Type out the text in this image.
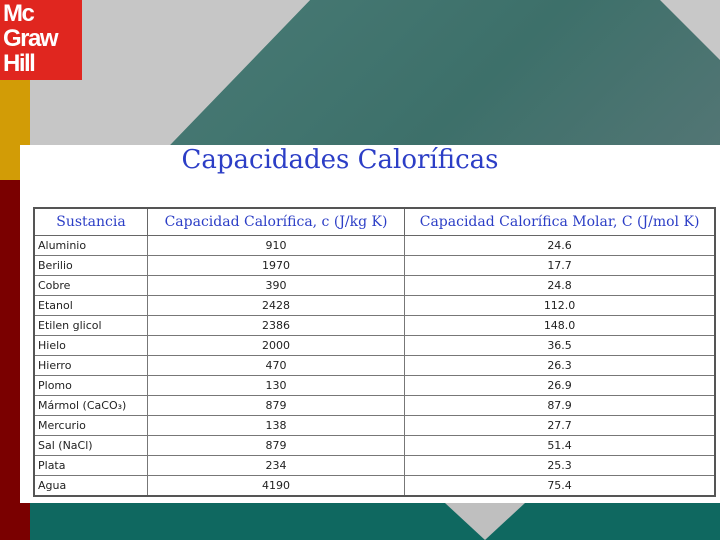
Mc
Graw
Hill
Capacidades Caloríficas
Sustancia	Capacidad Calorífica, c (J/kg K)	Capacidad Calorífica Molar, C (J/mol K)
Aluminio	910	24.6
Berilio	1970	17.7
Cobre	390	24.8
Etanol	2428	112.0
Etilen glicol	2386	148.0
Hielo	2000	36.5
Hierro	470	26.3
Plomo	130	26.9
Mármol (CaCO₃)	879	87.9
Mercurio	138	27.7
Sal (NaCl)	879	51.4
Plata	234	25.3
Agua	4190	75.4
